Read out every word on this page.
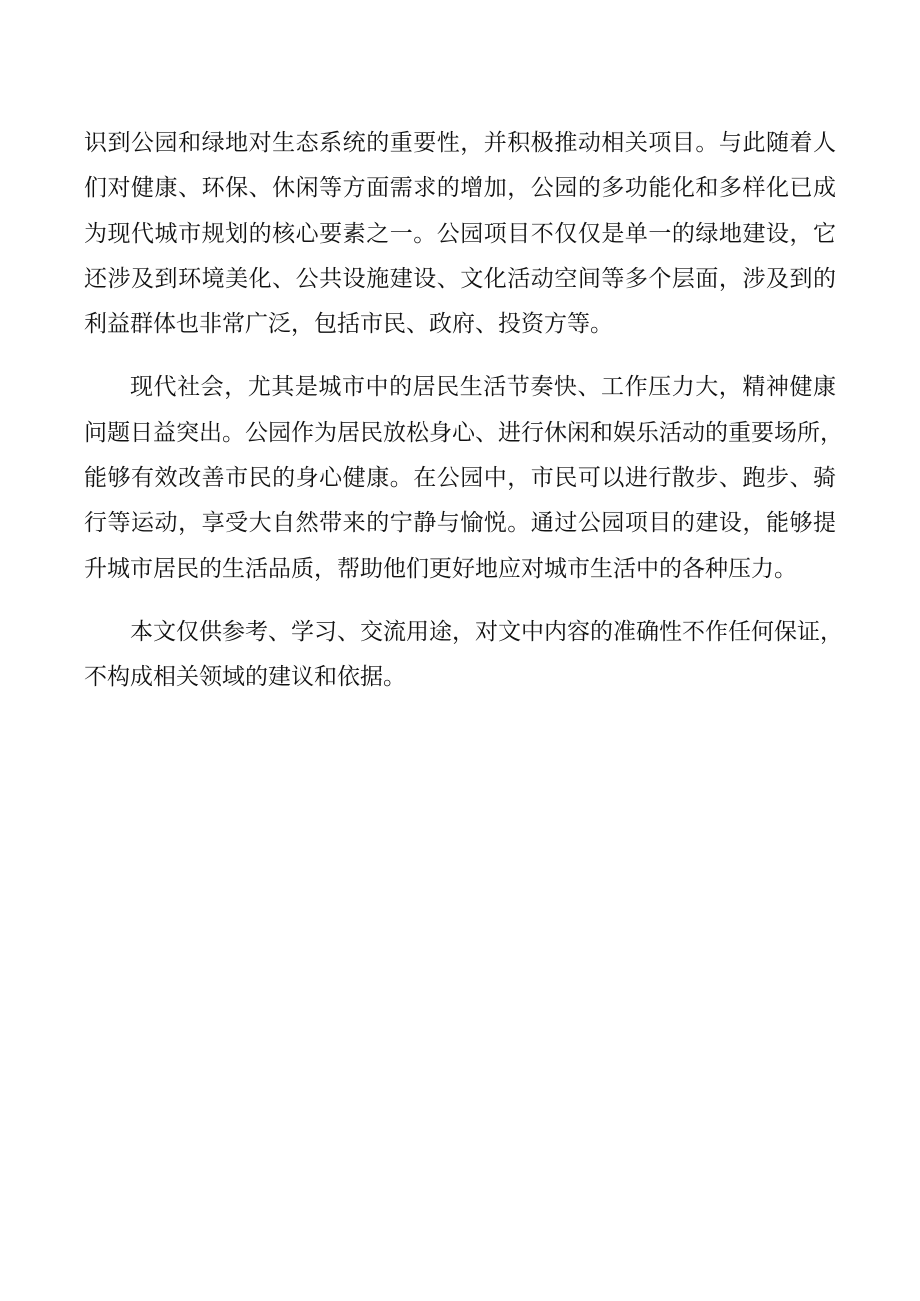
识到公园和绿地对生态系统的重要性，并积极推动相关项目。与此随着人
们对健康、环保、休闲等方面需求的增加，公园的多功能化和多样化已成
为现代城市规划的核心要素之一。公园项目不仅仅是单一的绿地建设，它
还涉及到环境美化、公共设施建设、文化活动空间等多个层面，涉及到的
利益群体也非常广泛，包括市民、政府、投资方等。
现代社会，尤其是城市中的居民生活节奏快、工作压力大，精神健康
问题日益突出。公园作为居民放松身心、进行休闲和娱乐活动的重要场所，
能够有效改善市民的身心健康。在公园中，市民可以进行散步、跑步、骑
行等运动，享受大自然带来的宁静与愉悦。通过公园项目的建设，能够提
升城市居民的生活品质，帮助他们更好地应对城市生活中的各种压力。
本文仅供参考、学习、交流用途，对文中内容的准确性不作任何保证，
不构成相关领域的建议和依据。
